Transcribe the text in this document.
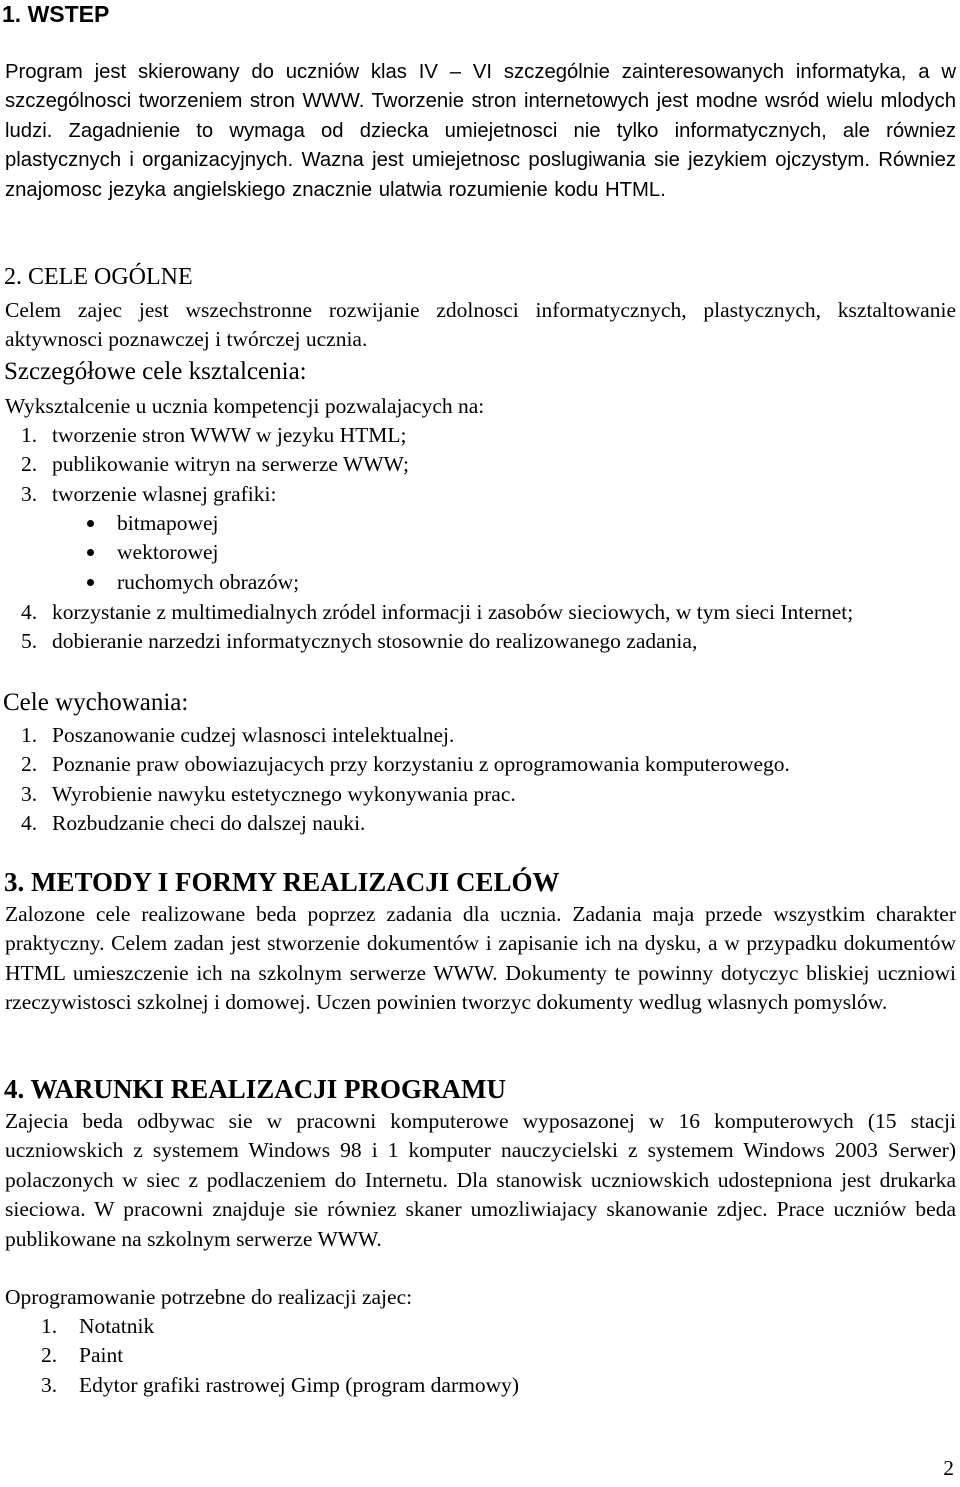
1. WSTEP

Program jest skierowany do uczniów klas IV – VI szczególnie zainteresowanych informatyka, a w szczególnosci tworzeniem stron WWW. Tworzenie stron internetowych jest modne wsród wielu mlodych ludzi. Zagadnienie to wymaga od dziecka umiejetnosci nie tylko informatycznych, ale równiez plastycznych i organizacyjnych. Wazna jest umiejetnosc poslugiwania sie jezykiem ojczystym. Równiez znajomosc jezyka angielskiego znacznie ulatwia rozumienie kodu HTML.

2. CELE OGÓLNE

Celem zajec jest wszechstronne rozwijanie zdolnosci informatycznych, plastycznych, ksztaltowanie aktywnosci poznawczej i twórczej ucznia.

Szczegółowe cele ksztalcenia:

Wyksztalcenie u ucznia kompetencji pozwalajacych na:

1. tworzenie stron WWW w jezyku HTML;
2. publikowanie witryn na serwerze WWW;
3. tworzenie wlasnej grafiki:
bitmapowej
wektorowej
ruchomych obrazów;
4. korzystanie z multimedialnych zródel informacji i zasobów sieciowych, w tym sieci Internet;
5. dobieranie narzedzi informatycznych stosownie do realizowanego zadania,
Cele wychowania:
1. Poszanowanie cudzej wlasnosci intelektualnej.
2. Poznanie praw obowiazujacych przy korzystaniu z oprogramowania komputerowego.
3. Wyrobienie nawyku estetycznego wykonywania prac.
4. Rozbudzanie checi do dalszej nauki.
3. METODY I FORMY REALIZACJI CELÓW

Zalozone cele realizowane beda poprzez zadania dla ucznia. Zadania maja przede wszystkim charakter praktyczny. Celem zadan jest stworzenie dokumentów i zapisanie ich na dysku, a w przypadku dokumentów HTML umieszczenie ich na szkolnym serwerze WWW. Dokumenty te powinny dotyczyc bliskiej uczniowi rzeczywistosci szkolnej i domowej. Uczen powinien tworzyc dokumenty wedlug wlasnych pomyslów.

4. WARUNKI REALIZACJI PROGRAMU

Zajecia beda odbywac sie w pracowni komputerowe wyposazonej w 16 komputerowych (15 stacji uczniowskich z systemem Windows 98 i 1 komputer nauczycielski z systemem Windows 2003 Serwer) polaczonych w siec z podlaczeniem do Internetu. Dla stanowisk uczniowskich udostepniona jest drukarka sieciowa. W pracowni znajduje sie równiez skaner umozliwiajacy skanowanie zdjec. Prace uczniów beda publikowane na szkolnym serwerze WWW.

Oprogramowanie potrzebne do realizacji zajec:

1.	Notatnik
2.	Paint
3.	Edytor grafiki rastrowej Gimp (program darmowy)
2
